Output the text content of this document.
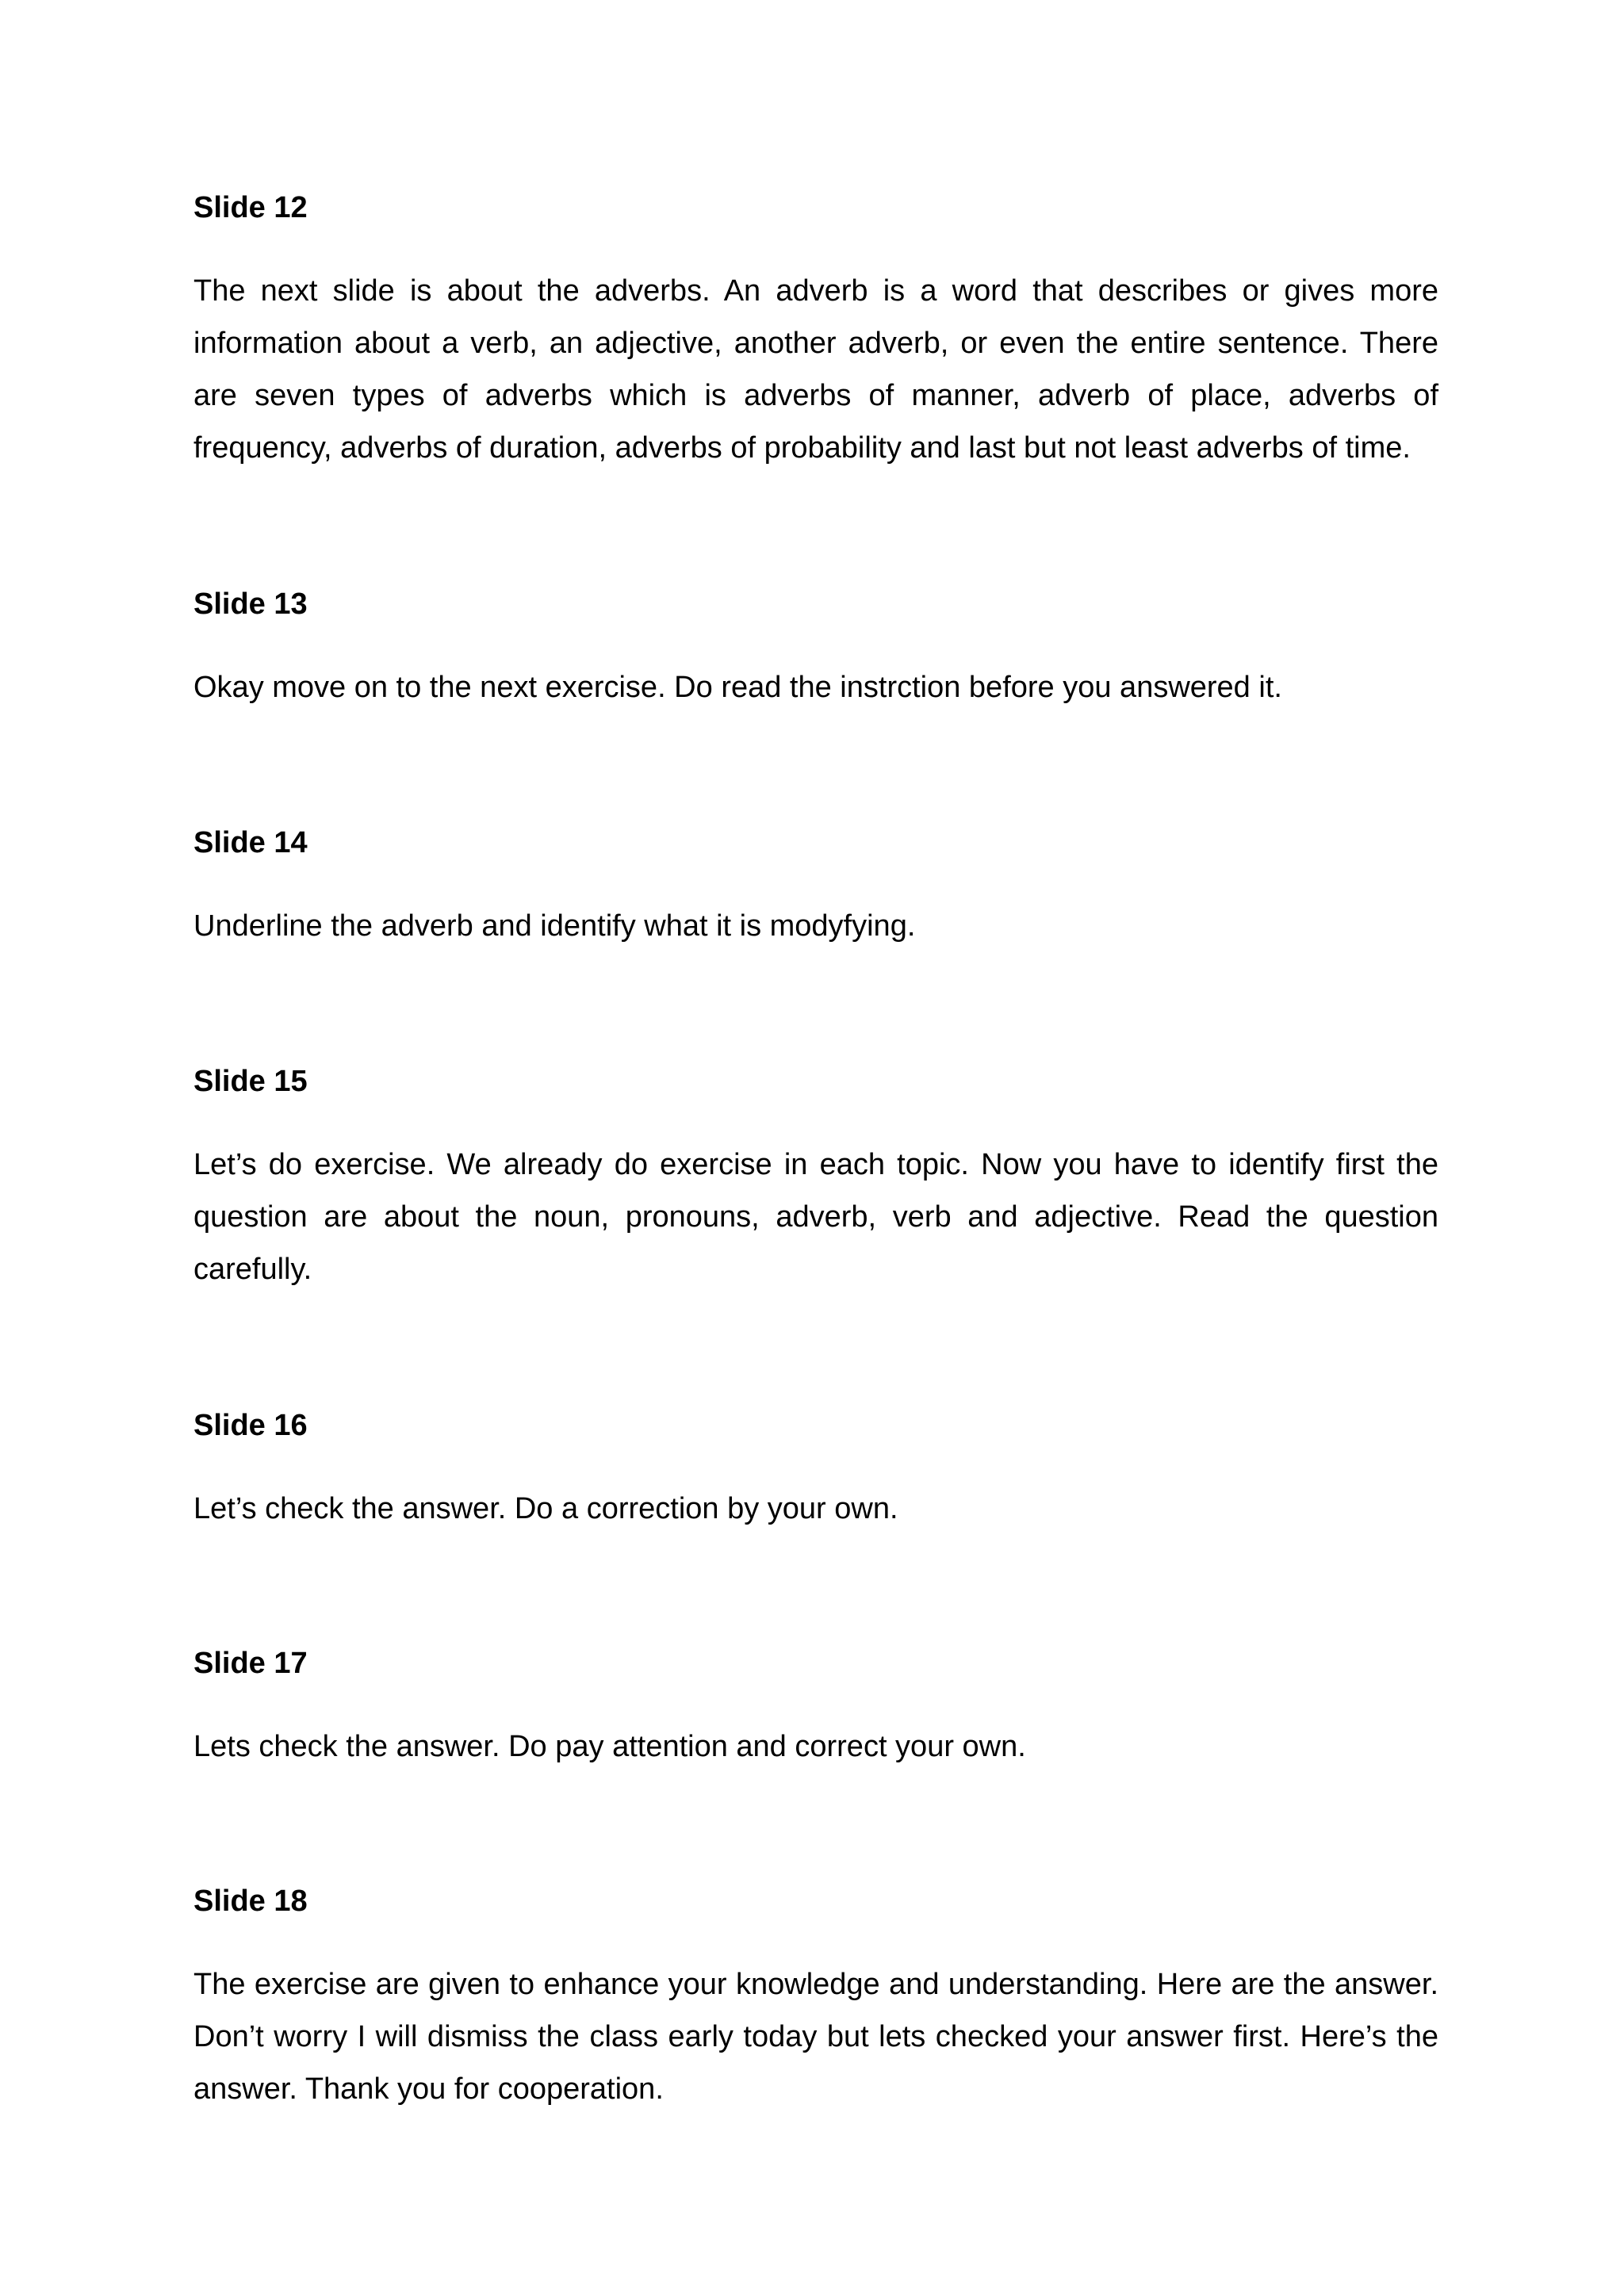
Slide 12

The next slide is about the adverbs. An adverb is a word that describes or gives more information about a verb, an adjective, another adverb, or even the entire sentence. There are seven types of adverbs which is adverbs of manner, adverb of place, adverbs of frequency, adverbs of duration, adverbs of probability and last but not least adverbs of time.

Slide 13

Okay move on to the next exercise. Do read the instrction before you answered it.

Slide 14

Underline the adverb and identify what it is modyfying.

Slide 15

Let’s do exercise. We already do exercise in each topic. Now you have to identify first the question are about the noun, pronouns, adverb, verb and adjective. Read the question carefully.

Slide 16

Let’s check the answer. Do a correction by your own.

Slide 17

Lets check the answer. Do pay attention and correct your own.

Slide 18

The exercise are given to enhance your knowledge and understanding. Here are the answer. Don’t worry I will dismiss the class early today but lets checked your answer first. Here’s the answer. Thank you for cooperation.
